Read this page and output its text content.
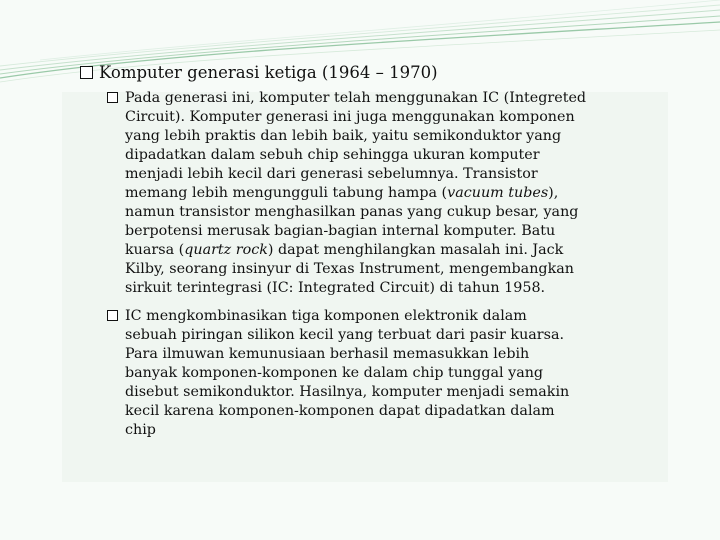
Komputer generasi ketiga (1964 – 1970)
Pada generasi ini, komputer telah menggunakan IC (Integreted
Circuit). Komputer generasi ini juga menggunakan komponen
yang lebih praktis dan lebih baik, yaitu semikonduktor yang
dipadatkan dalam sebuh chip sehingga ukuran komputer
menjadi lebih kecil dari generasi sebelumnya. Transistor
memang lebih mengungguli tabung hampa (vacuum tubes),
namun transistor menghasilkan panas yang cukup besar, yang
berpotensi merusak bagian-bagian internal komputer. Batu
kuarsa (quartz rock) dapat menghilangkan masalah ini. Jack
Kilby, seorang insinyur di Texas Instrument, mengembangkan
sirkuit terintegrasi (IC: Integrated Circuit) di tahun 1958.
IC mengkombinasikan tiga komponen elektronik dalam
sebuah piringan silikon kecil yang terbuat dari pasir kuarsa.
Para ilmuwan kemunusiaan berhasil memasukkan lebih
banyak komponen-komponen ke dalam chip tunggal yang
disebut semikonduktor. Hasilnya, komputer menjadi semakin
kecil karena komponen-komponen dapat dipadatkan dalam
chip
